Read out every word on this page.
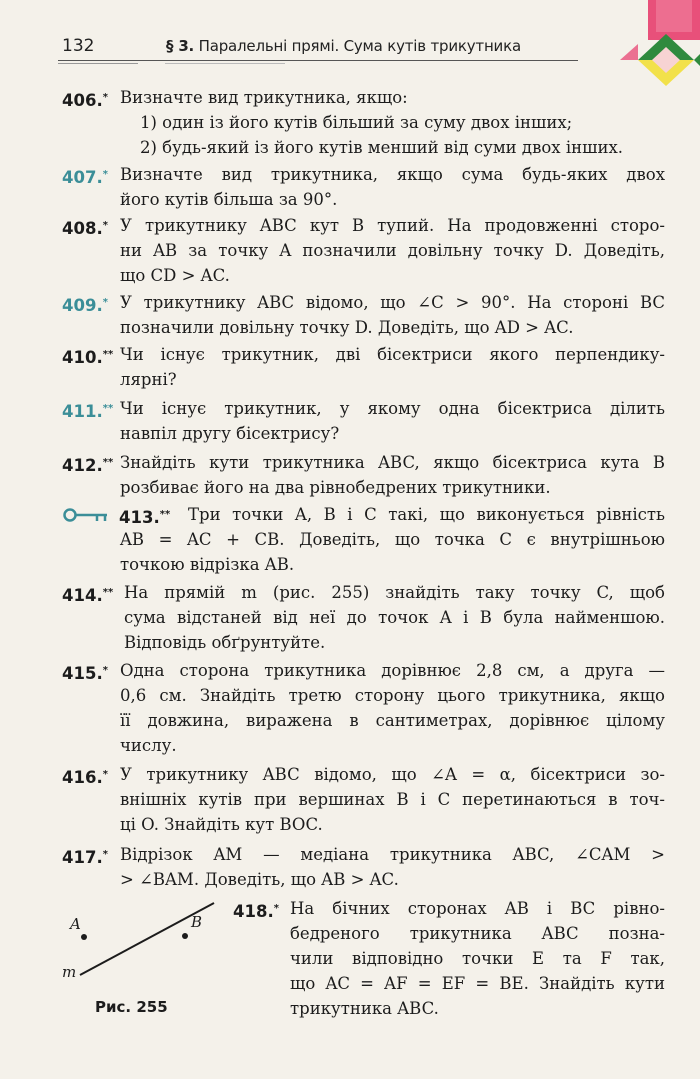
132	§ 3. Паралельні прямі. Сума кутів трикутника
406.* Визначте вид трикутника, якщо:
1) один із його кутів більший за суму двох інших;
2) будь-який із його кутів менший від суми двох інших.
407.* Визначте вид трикутника, якщо сума будь-яких двох
його кутів більша за 90°.
408.* У трикутнику ABC кут B тупий. На продовженні сторо-
ни AB за точку A позначили довільну точку D. Доведіть,
що CD > AC.
409.* У трикутнику ABC відомо, що ∠C > 90°. На стороні BC
позначили довільну точку D. Доведіть, що AD > AC.
410.** Чи існує трикутник, дві бісектриси якого перпендику-
лярні?
411.** Чи існує трикутник, у якому одна бісектриса ділить
навпіл другу бісектрису?
412.** Знайдіть кути трикутника ABC, якщо бісектриса кута B
розбиває його на два рівнобедрених трикутники.
413.** Три точки A, B і C такі, що виконується рівність
AB = AC + CB. Доведіть, що точка C є внутрішньою
точкою відрізка AB.
414.** На прямій m (рис. 255) знайдіть таку точку C, щоб
сума відстаней від неї до точок A і B була найменшою.
Відповідь обґрунтуйте.
415.* Одна сторона трикутника дорівнює 2,8 см, а друга —
0,6 см. Знайдіть третю сторону цього трикутника, якщо
її довжина, виражена в сантиметрах, дорівнює цілому
числу.
416.* У трикутнику ABC відомо, що ∠A = α, бісектриси зо-
внішніх кутів при вершинах B і C перетинаються в точ-
ці O. Знайдіть кут BOC.
417.* Відрізок AM — медіана трикутника ABC, ∠CAM >
> ∠BAM. Доведіть, що AB > AC.
418.* На бічних сторонах AB і BC рівно-
бедреного трикутника ABC позна-
чили відповідно точки E та F так,
що AC = AF = EF = BE. Знайдіть кути
трикутника ABC.
A	B
m
Рис. 255
